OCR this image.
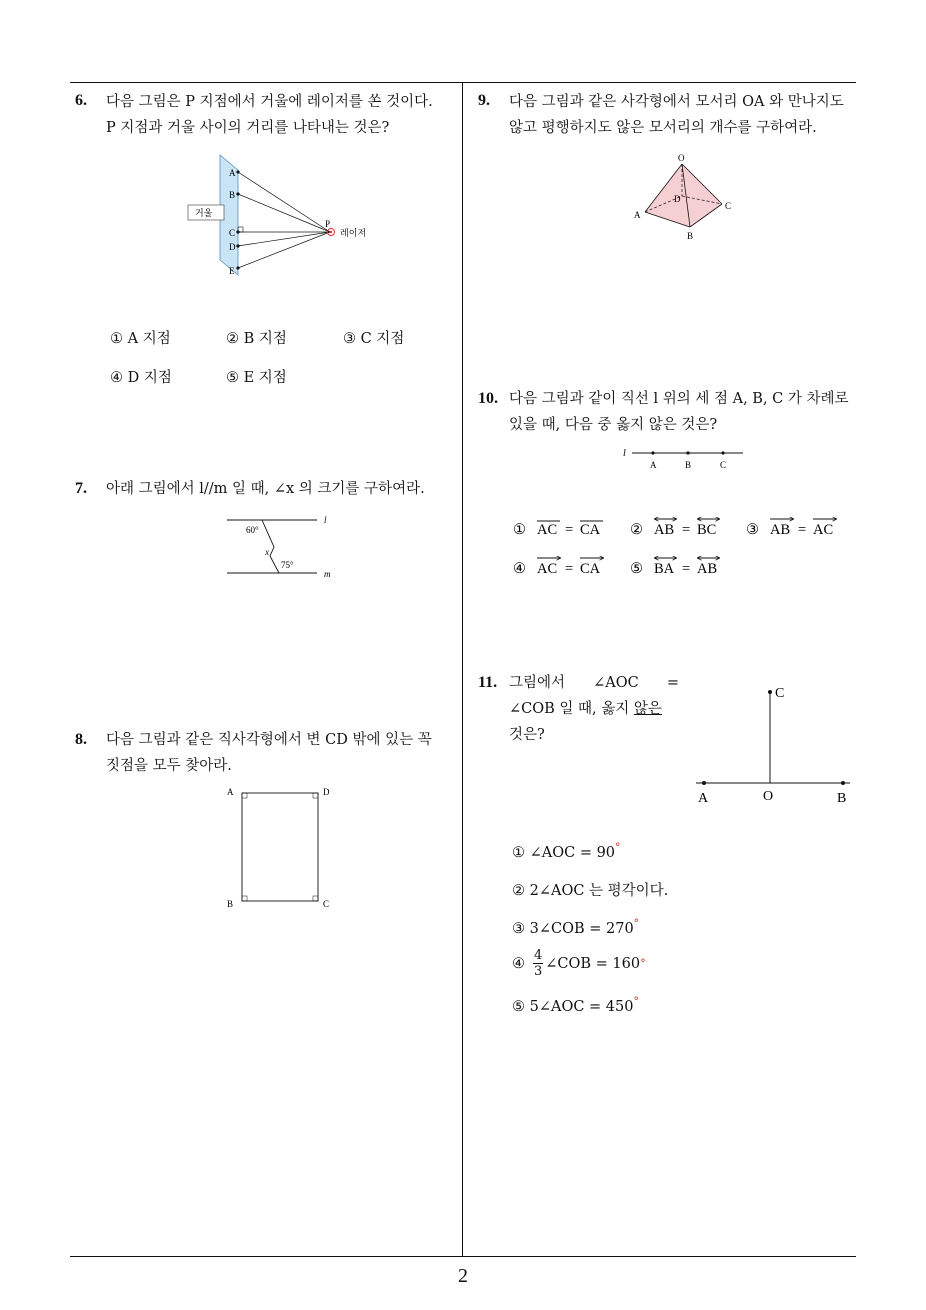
6. 다음 그림은 P 지점에서 거울에 레이저를 쏜 것이다.
P 지점과 거울 사이의 거리를 나타내는 것은?
A
B
C
D
E
P
레이저
거울
① A 지점	② B 지점	③ C 지점
④ D 지점	⑤ E 지점
7. 아래 그림에서 l//m 일 때, ∠x 의 크기를 구하여라.
60°
x
75°
l
m
8. 다음 그림과 같은 직사각형에서 변 CD 밖에 있는 꼭
짓점을 모두 찾아라.
A	D
B	C
9. 다음 그림과 같은 사각형에서 모서리 OA 와 만나지도
않고 평행하지도 않은 모서리의 개수를 구하여라.
O
A
B
C
D
10. 다음 그림과 같이 직선 l 위의 세 점 A, B, C 가 차례로
있을 때, 다음 중 옳지 않은 것은?
l
A	B	C
① AC = CA ② AB = BC ③ AB = AC
④ AC = CA ⑤ BA = AB
11. 그림에서 ∠AOC =
∠COB 일 때, 옳지 않은
것은?
A	O	B
C
① ∠AOC = 90°
② 2∠AOC 는 평각이다.
③ 3∠COB = 270°
④ 4
3 ∠COB = 160 °
⑤ 5∠AOC = 450°
2
